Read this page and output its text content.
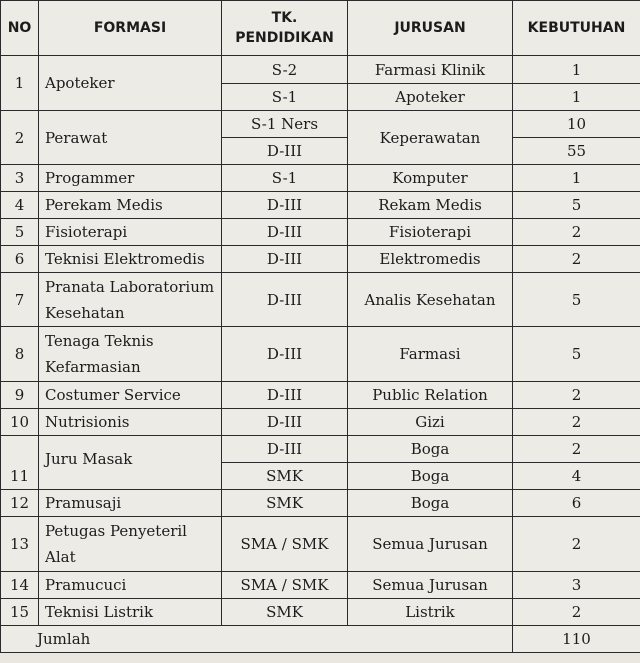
NO	FORMASI	TK. PENDIDIKAN	JURUSAN	KEBUTUHAN
1	Apoteker	S-2	Farmasi Klinik	1
		S-1	Apoteker	1
2	Perawat	S-1 Ners	Keperawatan	10
		D-III		55
3	Progammer	S-1	Komputer	1
4	Perekam Medis	D-III	Rekam Medis	5
5	Fisioterapi	D-III	Fisioterapi	2
6	Teknisi Elektromedis	D-III	Elektromedis	2
7	Pranata Laboratorium Kesehatan	D-III	Analis Kesehatan	5
8	Tenaga Teknis Kefarmasian	D-III	Farmasi	5
9	Costumer Service	D-III	Public Relation	2
10	Nutrisionis	D-III	Gizi	2
11	Juru Masak	D-III	Boga	2
		SMK	Boga	4
12	Pramusaji	SMK	Boga	6
13	Petugas Penyeteril Alat	SMA / SMK	Semua Jurusan	2
14	Pramucuci	SMA / SMK	Semua Jurusan	3
15	Teknisi Listrik	SMK	Listrik	2
Jumlah				110
